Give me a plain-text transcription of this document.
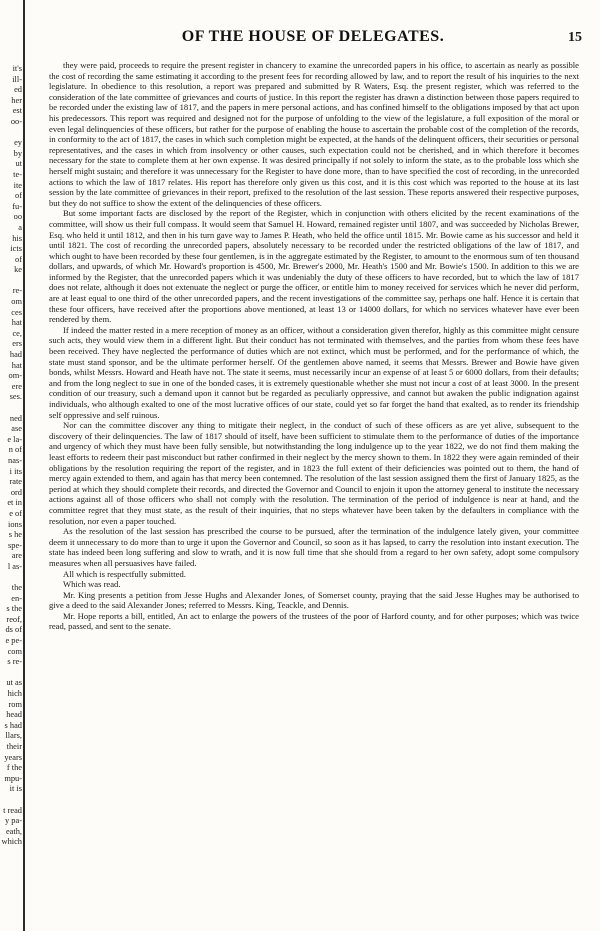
it's
ill-
ed
her
est
oo-
ey
by
ut
te-
ite
of
fu-
oo
a
his
icts
of
ke
re-
om
ces
hat
ce,
ers
had
hat
om-
ere
ses.
ned
ase
e la-
n of
nas-
i its
rate
ord
et in
e of
ions
s he
spe-
are
l as-
the
en-
s the
reof,
ds of
e pe-
com
s re-
ut as
hich
rom
head
s had
llars,
their
years
f the
mpu-
it is
t read
y pa-
eath,
which
OF THE HOUSE OF DELEGATES.	15

they were paid, proceeds to require the present register in chancery to examine the unrecorded papers in his office, to ascertain as nearly as possible the cost of recording the same estimating it according to the present fees for recording allowed by law, and to report the result of his inquiries to the next legislature. In obedience to this resolution, a report was prepared and submitted by R Waters, Esq. the present register, which was referred to the consideration of the late committee of grievances and courts of justice. In this report the register has drawn a distinction between those papers required to be recorded under the existing law of 1817, and the papers in mere personal actions, and has confined himself to the obligations imposed by that act upon his predecessors. This report was required and designed not for the purpose of unfolding to the view of the legislature, a full exposition of the moral or even legal delinquencies of these officers, but rather for the purpose of enabling the house to ascertain the probable cost of the completion of the records, in conformity to the act of 1817, the cases in which such completion might be expected, at the hands of the delinquent officers, their securities or personal representatives, and the cases in which from insolvency or other causes, such expectation could not be cherished, and in which therefore it becomes necessary for the state to complete them at her own expense. It was desired principally if not solely to inform the state, as to the probable loss which she herself might sustain; and therefore it was unnecessary for the Register to have done more, than to have specified the cost of recording, in the unrecorded actions to which the law of 1817 relates. His report has therefore only given us this cost, and it is this cost which was reported to the house at its last session by the late committee of grievances in their report, prefixed to the resolution of the last session. These reports answered their respective purposes, but they do not suffice to show the extent of the delinquencies of these officers.

But some important facts are disclosed by the report of the Register, which in conjunction with others elicited by the recent examinations of the committee, will show us their full compass. It would seem that Samuel H. Howard, remained register until 1807, and was succeeded by Nicholas Brewer, Esq. who held it until 1812, and then in his turn gave way to James P. Heath, who held the office until 1815. Mr. Bowie came as his successor and held it until 1821. The cost of recording the unrecorded papers, absolutely necessary to be recorded under the restricted obligations of the law of 1817, and which ought to have been recorded by these four gentlemen, is in the aggregate estimated by the Register, to amount to the enormous sum of ten thousand dollars, and upwards, of which Mr. Howard's proportion is 4500, Mr. Brewer's 2000, Mr. Heath's 1500 and Mr. Bowie's 1500. In addition to this we are informed by the Register, that the unrecorded papers which it was undeniably the duty of these officers to have recorded, but to which the law of 1817 does not relate, although it does not extenuate the neglect or purge the officer, or entitle him to money received for services which he never did perform, are at least equal to one third of the other unrecorded papers, and the recent investigations of the committee say, perhaps one half. Hence it is certain that these four officers, have received after the proportions above mentioned, at least 13 or 14000 dollars, for which no services whatever have ever been rendered by them.

If indeed the matter rested in a mere reception of money as an officer, without a consideration given therefor, highly as this committee might censure such acts, they would view them in a different light. But their conduct has not terminated with themselves, and the parties from whom these fees have been received. They have neglected the performance of duties which are not extinct, which must be performed, and for the performance of which, the state must stand sponsor, and be the ultimate performer herself. Of the gentlemen above named, it seems that Messrs. Brewer and Bowie have given bonds, whilst Messrs. Howard and Heath have not. The state it seems, must necessarily incur an expense of at least 5 or 6000 dollars, from their defaults; and from the long neglect to sue in one of the bonded cases, it is extremely questionable whether she must not incur a cost of at least 3000. In the present condition of our treasury, such a demand upon it cannot but be regarded as peculiarly oppressive, and cannot but awaken the public indignation against individuals, who although exalted to one of the most lucrative offices of our state, could yet so far forget the hand that exalted, as to render its friendship self oppressive and self ruinous.

Nor can the committee discover any thing to mitigate their neglect, in the conduct of such of these officers as are yet alive, subsequent to the discovery of their delinquencies. The law of 1817 should of itself, have been sufficient to stimulate them to the performance of duties of the importance and urgency of which they must have been fully sensible, but notwithstanding the long indulgence up to the year 1822, we do not find them making the least efforts to redeem their past misconduct but rather confirmed in their neglect by the mercy shown to them. In 1822 they were again reminded of their obligations by the resolution requiring the report of the register, and in 1823 the full extent of their deficiencies was pointed out to them, the hand of mercy again extended to them, and again has that mercy been contemned. The resolution of the last session assigned them the first of January 1825, as the period at which they should complete their records, and directed the Governor and Council to enjoin it upon the attorney general to institute the necessary actions against all of those officers who shall not comply with the resolution. The termination of the period of indulgence is near at hand, and the committee regret that they must state, as the result of their inquiries, that no steps whatever have been taken by the defaulters in compliance with the resolution, nor even a paper touched.

As the resolution of the last session has prescribed the course to be pursued, after the termination of the indulgence lately given, your committee deem it unnecessary to do more than to urge it upon the Governor and Council, so soon as it has lapsed, to carry the resolution into instant execution. The state has indeed been long suffering and slow to wrath, and it is now full time that she should from a regard to her own safety, adopt some compulsory measures when all persuasives have failed.

All which is respectfully submitted.

Which was read.

Mr. King presents a petition from Jesse Hughs and Alexander Jones, of Somerset county, praying that the said Jesse Hughes may be authorised to give a deed to the said Alexander Jones; referred to Messrs. King, Teackle, and Dennis.

Mr. Hope reports a bill, entitled, An act to enlarge the powers of the trustees of the poor of Harford county, and for other purposes; which was twice read, passed, and sent to the senate.
